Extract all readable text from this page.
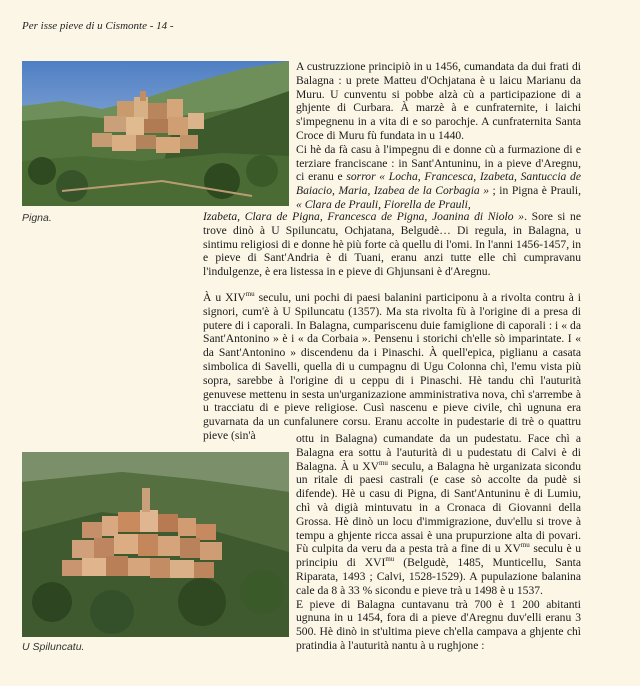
Per isse pieve di u Cismonte - 14 -
Pigna.
U Spiluncatu.

A custruzzione principiò in u 1456, cumandata da dui frati di Balagna : u prete Matteu d'Ochjatana è u laicu Marianu da Muru. U cunventu si pobbe alzà cù a participazione di a ghjente di Curbara. À marzè à e cunfraternite, i laichi s'impegnenu in a vita di e so parochje. A cunfraternita Santa Croce di Muru fù fundata in u 1440.

Ci hè da fà casu à l'impegnu di e donne cù a furmazione di e terziare franciscane : in Sant'Antuninu, in a pieve d'Aregnu, ci eranu e sorror « Locha, Francesca, Izabeta, Santuccia de Baiacio, Maria, Izabea de la Corbagia » ; in Pigna è Prauli, « Clara de Prauli, Fiorella de Prauli,

Izabeta, Clara de Pigna, Francesca de Pigna, Joanina di Niolo ». Sore si ne trove dinò à U Spiluncatu, Ochjatana, Belgudè… Di regula, in Balagna, u sintimu religiosi di e donne hè più forte cà quellu di l'omi. In l'anni 1456-1457, in e pieve di Sant'Andria è di Tuani, eranu anzi tutte elle chì cumpravanu l'indulgenze, è era listessa in e pieve di Ghjunsani è d'Aregnu.

À u $XIV^{mu}$ seculu, uni pochi di paesi balanini participonu à a rivolta contru à i signori, cum'è à U Spiluncatu (1357). Ma sta rivolta fù à l'origine di a presa di putere di i caporali. In Balagna, cumpariscenu duie famiglione di caporali : i « da Sant'Antonino » è i « da Corbaia ». Pensenu i storichi ch'elle sò imparintate. I « da Sant'Antonino » discendenu da i Pinaschi. À quell'epica, piglianu a casata simbolica di Savelli, quella di u cumpagnu di Ugu Colonna chì, l'emu vista più sopra, sarebbe à l'origine di u ceppu di i Pinaschi. Hè tandu chì l'auturità genuvese mettenu in sesta un'urganizazione amministrativa nova, chì s'arrembe à u tracciatu di e pieve religiose. Cusì nascenu e pieve civile, chì ugnuna era guvarnata da un cunfalunere corsu. Eranu accolte in pudestarie di trè o quattru pieve (sin'à	ottu in Balagna) cumandate da un pudestatu. Face chì a Balagna era sottu à l'auturità di u pudestatu di Calvi è di Balagna. À u $XV^{mu}$ seculu, a Balagna hè urganizata sicondu un ritale di paesi castrali (e case sò accolte da pudè si difende). Hè u casu di Pigna, di Sant'Antuninu è di Lumiu, chì và digià mintuvatu in a Cronaca di Giovanni della Grossa. Hè dinò un locu d'immigrazione, duv'ellu si trove à tempu a ghjente ricca assai è una prupurzione alta di povari. Fù culpita da veru da a pesta trà a fine di u $XV^{mu}$ seculu è u principiu di $XVI^{mu}$ (Belgudè, 1485, Munticellu, Santa Riparata, 1493 ; Calvi, 1528-1529). A pupulazione balanina cale da 8 à 33 % sicondu e pieve trà u 1498 è u 1537.

E pieve di Balagna cuntavanu trà 700 è 1 200 abitanti ugnuna in u 1454, fora di a pieve d'Aregnu duv'elli eranu 3 500. Hè dinò in st'ultima pieve ch'ella campava a ghjente chì pratindia à l'auturità nantu à u rughjone :
